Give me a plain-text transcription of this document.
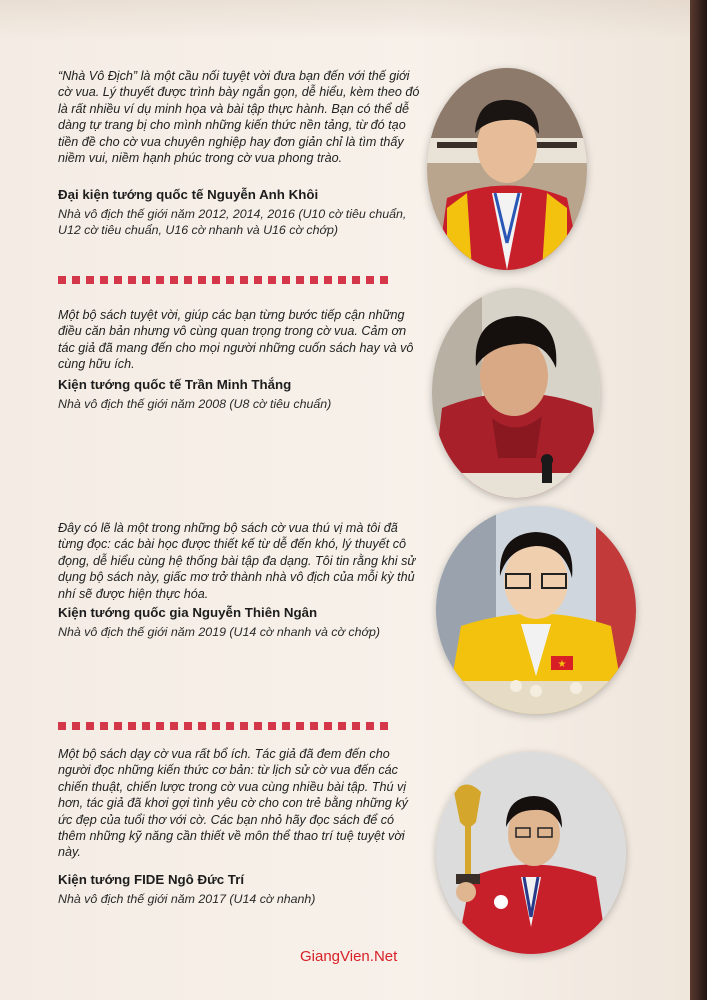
“Nhà Vô Địch” là một cầu nối tuyệt vời đưa bạn đến với thế giới cờ vua. Lý thuyết được trình bày ngắn gọn, dễ hiểu, kèm theo đó là rất nhiều ví dụ minh họa và bài tập thực hành. Bạn có thể dễ dàng tự trang bị cho mình những kiến thức nền tảng, từ đó tạo tiền đề cho cờ vua chuyên nghiệp hay đơn giản chỉ là tìm thấy niềm vui, niềm hạnh phúc trong cờ vua phong trào.

Đại kiện tướng quốc tế Nguyễn Anh Khôi
Nhà vô địch thế giới năm 2012, 2014, 2016 (U10 cờ tiêu chuẩn, U12 cờ tiêu chuẩn, U16 cờ nhanh và U16 cờ chớp)

Một bộ sách tuyệt vời, giúp các bạn từng bước tiếp cận những điều căn bản nhưng vô cùng quan trọng trong cờ vua. Cảm ơn tác giả đã mang đến cho mọi người những cuốn sách hay và vô cùng hữu ích.

Kiện tướng quốc tế Trần Minh Thắng
Nhà vô địch thế giới năm 2008 (U8 cờ tiêu chuẩn)

Đây có lẽ là một trong những bộ sách cờ vua thú vị mà tôi đã từng đọc: các bài học được thiết kế từ dễ đến khó, lý thuyết cô đọng, dễ hiểu cùng hệ thống bài tập đa dạng. Tôi tin rằng khi sử dụng bộ sách này, giấc mơ trở thành nhà vô địch của mỗi kỳ thủ nhí sẽ được hiện thực hóa.

Kiện tướng quốc gia Nguyễn Thiên Ngân
Nhà vô địch thế giới năm 2019 (U14 cờ nhanh và cờ chớp)
★

Một bộ sách dạy cờ vua rất bổ ích. Tác giả đã đem đến cho người đọc những kiến thức cơ bản: từ lịch sử cờ vua đến các chiến thuật, chiến lược trong cờ vua cùng nhiều bài tập. Thú vị hơn, tác giả đã khơi gợi tình yêu cờ cho con trẻ bằng những ký ức đẹp của tuổi thơ với cờ. Các bạn nhỏ hãy đọc sách để có thêm những kỹ năng cần thiết về môn thể thao trí tuệ tuyệt vời này.

Kiện tướng FIDE Ngô Đức Trí
Nhà vô địch thế giới năm 2017 (U14 cờ nhanh)
GiangVien.Net
